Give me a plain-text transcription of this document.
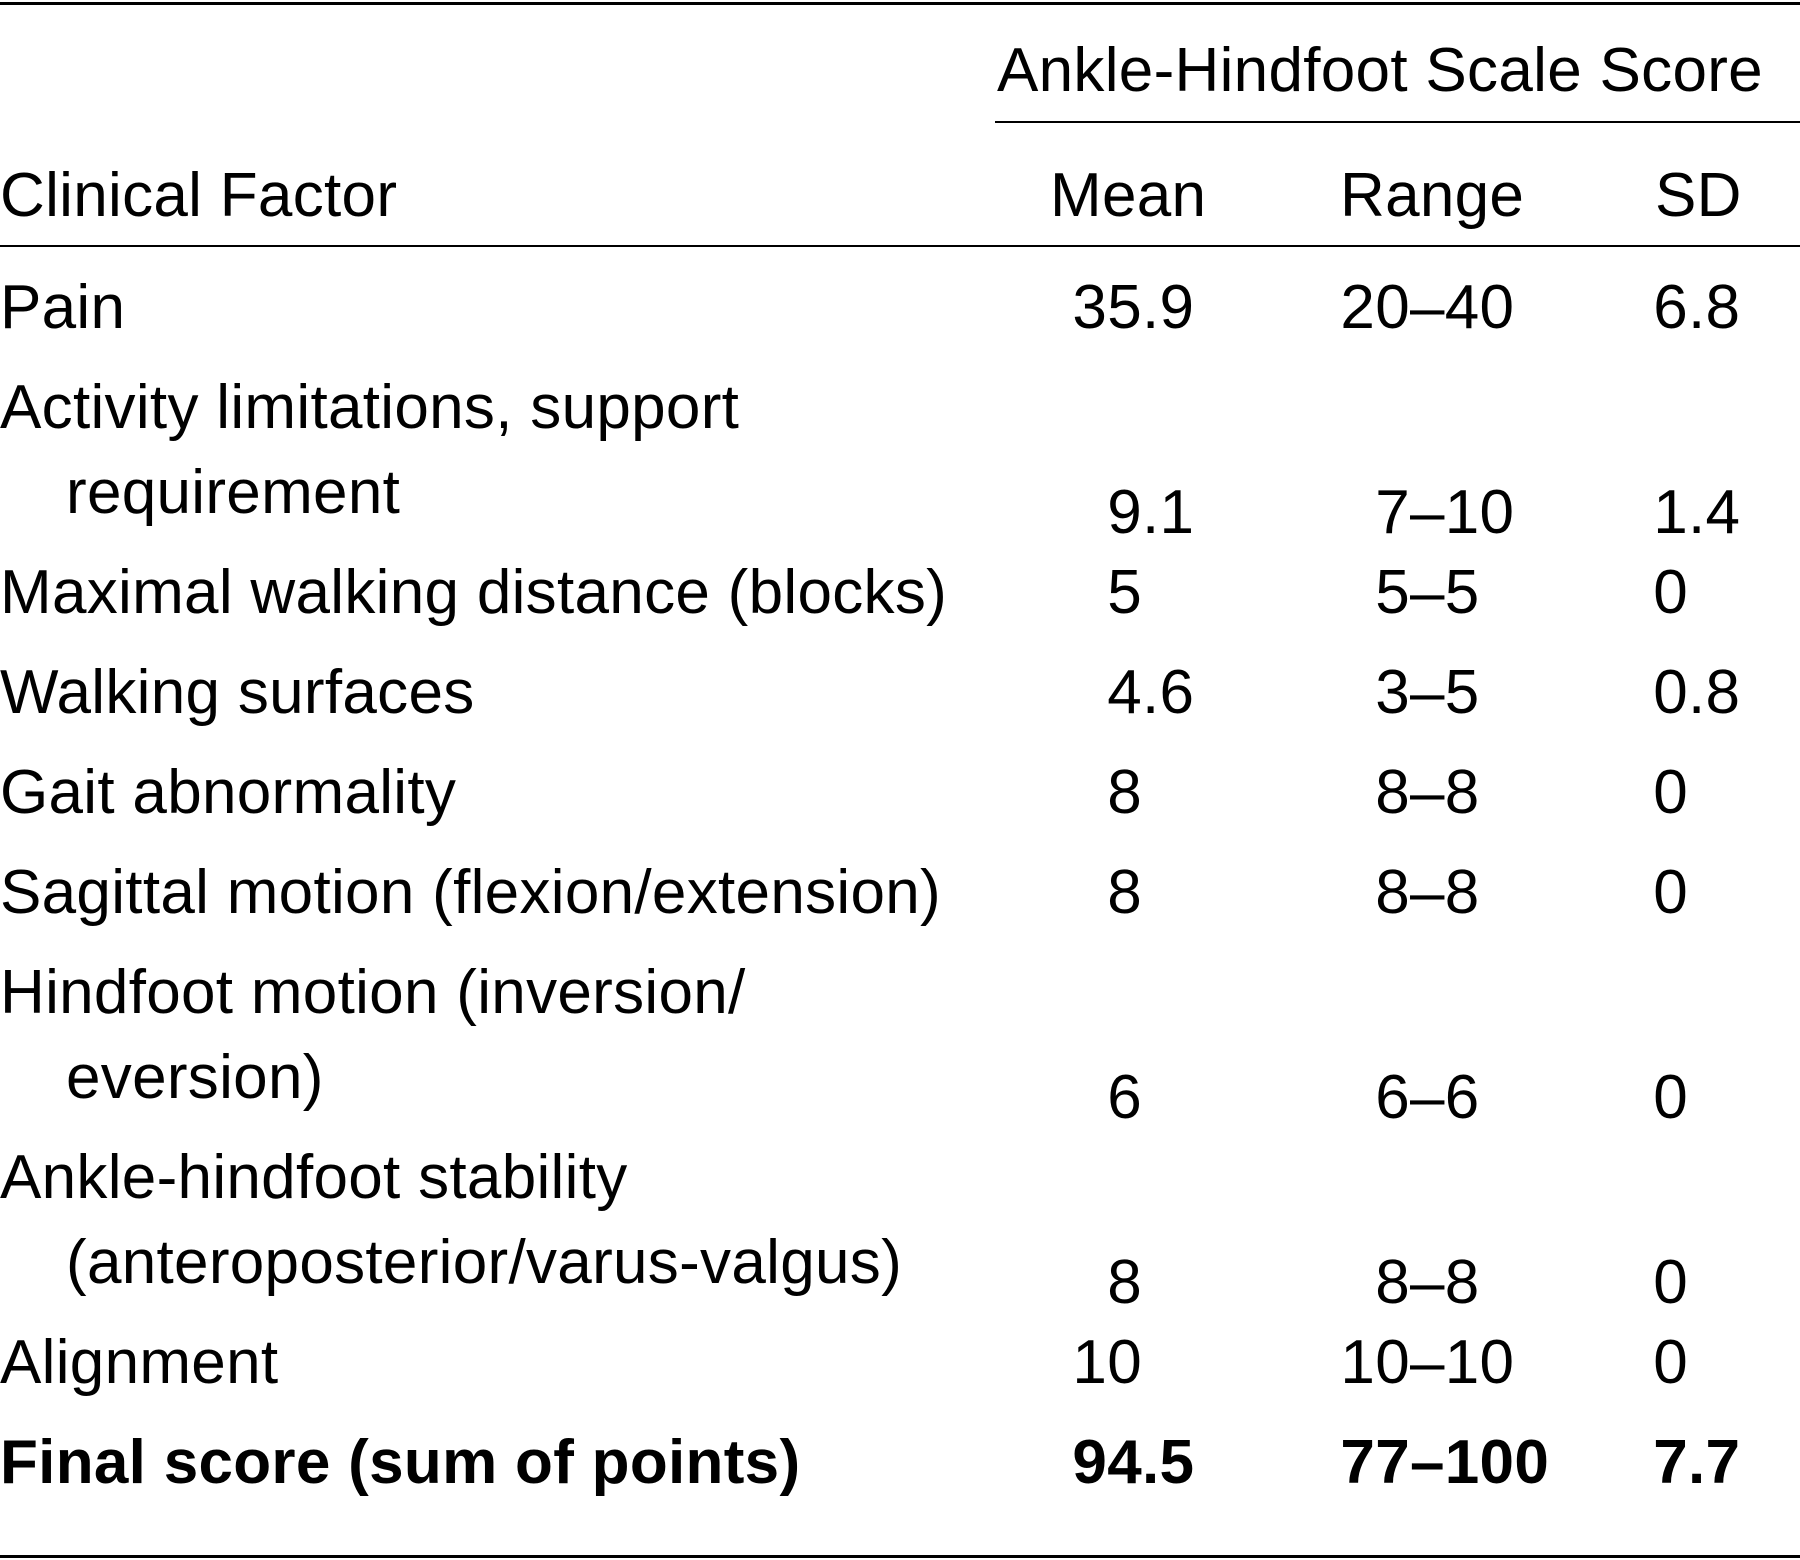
Ankle-Hindfoot Scale Score
Clinical Factor	Mean Range SD
Pain	35.9 20–40 6.8
Activity limitations, support
requirement	9.1	7–10 1.4
Maximal walking distance (blocks)	5	5–5	0
Walking surfaces	4.6	3–5	0.8
Gait abnormality	8	8–8	0
Sagittal motion (flexion/extension)	8	8–8	0
Hindfoot motion (inversion/
eversion)	6	6–6	0
Ankle-hindfoot stability
(anteroposterior/varus-valgus)	8	8–8	0
Alignment	10	10–10 0
Final score (sum of points)	94.5 77–100 7.7
